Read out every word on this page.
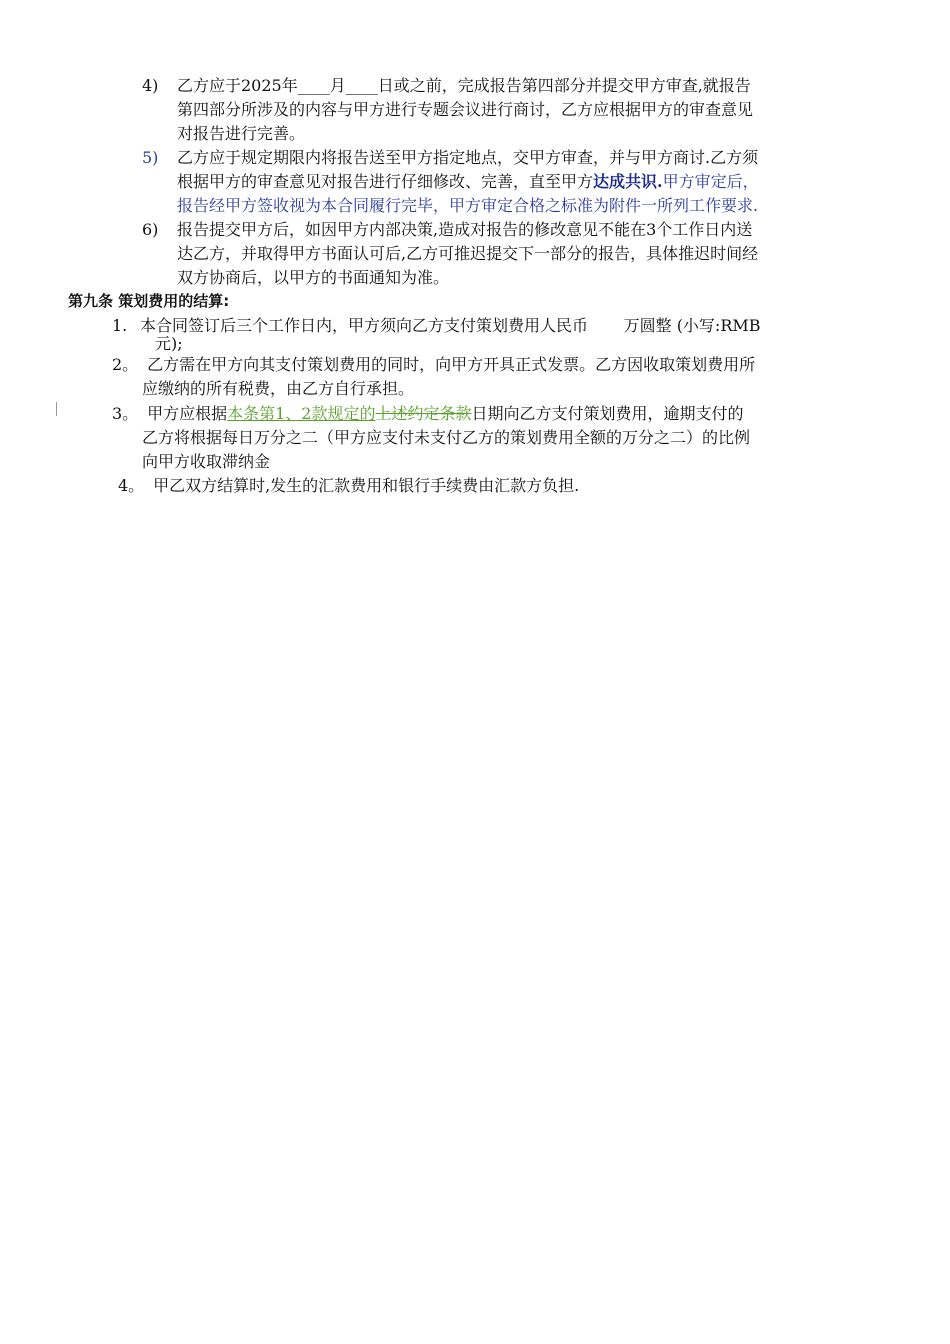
4) 乙方应于2025年____月____日或之前，完成报告第四部分并提交甲方审查,就报告
第四部分所涉及的内容与甲方进行专题会议进行商讨，乙方应根据甲方的审查意见
对报告进行完善。
5) 乙方应于规定期限内将报告送至甲方指定地点，交甲方审查，并与甲方商讨.乙方须
根据甲方的审查意见对报告进行仔细修改、完善，直至甲方达成共识.甲方审定后，
报告经甲方签收视为本合同履行完毕，甲方审定合格之标准为附件一所列工作要求.
6) 报告提交甲方后，如因甲方内部决策,造成对报告的修改意见不能在3个工作日内送
达乙方，并取得甲方书面认可后,乙方可推迟提交下一部分的报告，具体推迟时间经
双方协商后，以甲方的书面通知为准。
第九条 策划费用的结算:
1. 本合同签订后三个工作日内，甲方须向乙方支付策划费用人民币       万圆整 (小写:RMB
元);
2。 乙方需在甲方向其支付策划费用的同时，向甲方开具正式发票。乙方因收取策划费用所
应缴纳的所有税费，由乙方自行承担。
3。 甲方应根据本条第1、2款规定的上述约定条款日期向乙方支付策划费用，逾期支付的
乙方将根据每日万分之二（甲方应支付未支付乙方的策划费用全额的万分之二）的比例
向甲方收取滞纳金
4。 甲乙双方结算时,发生的汇款费用和银行手续费由汇款方负担.
